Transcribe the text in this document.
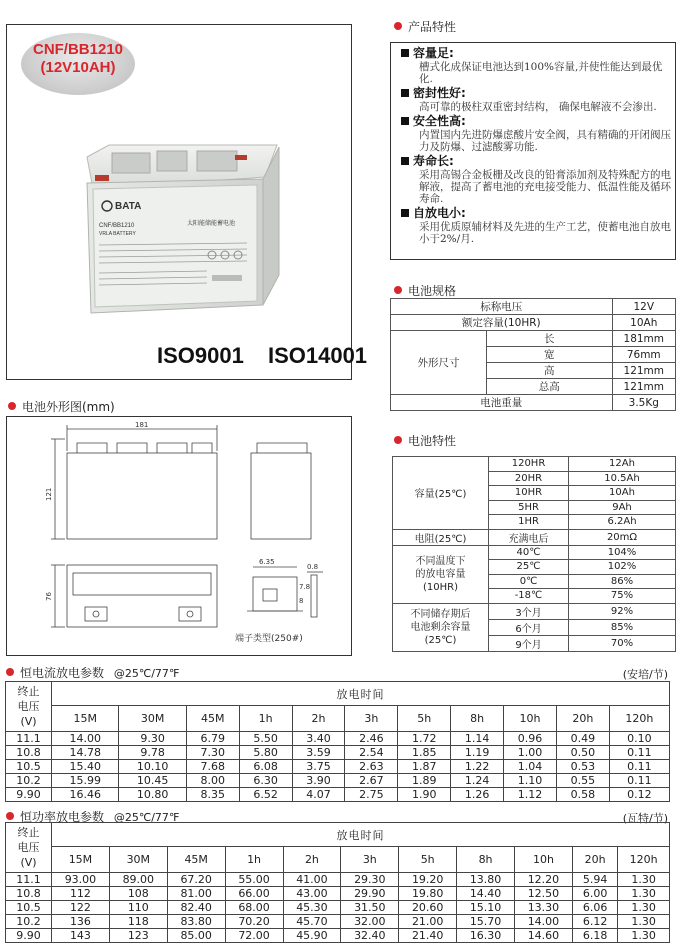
CNF/BB1210
(12V10AH)
BATA
CNF/BB1210
VRLA BATTERY
太阳能储能蓄电池
ISO9001 ISO14001
产品特性
容量足:
槽式化成保证电池达到100%容量,并使性能达到最优化.
密封性好:
高可靠的极柱双重密封结构， 确保电解液不会渗出.
安全性高:
内置国内先进防爆虑酸片安全阀，具有精确的开闭阀压力及防爆、过滤酸雾功能.
寿命长:
采用高锡合金板栅及改良的铅膏添加剂及特殊配方的电解液，提高了蓄电池的充电接受能力、低温性能及循环寿命.
自放电小:
采用优质原辅材料及先进的生产工艺，使蓄电池自放电小于2%/月.
电池规格
标称电压		12V
额定容量(10HR)		10Ah
外形尺寸	长	181mm
	宽	76mm
	高	121mm
	总高	121mm
电池重量		3.5Kg
电池特性
容量(25℃)	120HR	12Ah
	20HR	10.5Ah
	10HR	10Ah
	5HR	9Ah
	1HR	6.2Ah
电阻(25℃)	充满电后	20mΩ

不同温度下
的放电容量
(10HR)	40℃	104%
	25℃	102%
	0℃	86%
	-18℃	75%

不同储存期后
电池剩余容量
(25℃)	3个月	92%
	6个月	85%
	9个月	70%
电池外形图(mm)
181
121
76
6.35
0.8
7.8
8
端子类型(250#)
恒电流放电参数 @25℃/77℉	(安培/节)
终止
电压
(V)	放电时间										
	15M	30M	45M	1h	2h	3h	5h	8h	10h	20h	120h
11.1	14.00	9.30	6.79	5.50	3.40	2.46	1.72	1.14	0.96	0.49	0.10
10.8	14.78	9.78	7.30	5.80	3.59	2.54	1.85	1.19	1.00	0.50	0.11
10.5	15.40	10.10	7.68	6.08	3.75	2.63	1.87	1.22	1.04	0.53	0.11
10.2	15.99	10.45	8.00	6.30	3.90	2.67	1.89	1.24	1.10	0.55	0.11
9.90	16.46	10.80	8.35	6.52	4.07	2.75	1.90	1.26	1.12	0.58	0.12
恒功率放电参数 @25℃/77℉	(瓦特/节)
终止
电压
(V)	放电时间										
	15M	30M	45M	1h	2h	3h	5h	8h	10h	20h	120h
11.1	93.00	89.00	67.20	55.00	41.00	29.30	19.20	13.80	12.20	5.94	1.30
10.8	112	108	81.00	66.00	43.00	29.90	19.80	14.40	12.50	6.00	1.30
10.5	122	110	82.40	68.00	45.30	31.50	20.60	15.10	13.30	6.06	1.30
10.2	136	118	83.80	70.20	45.70	32.00	21.00	15.70	14.00	6.12	1.30
9.90	143	123	85.00	72.00	45.90	32.40	21.40	16.30	14.60	6.18	1.30
